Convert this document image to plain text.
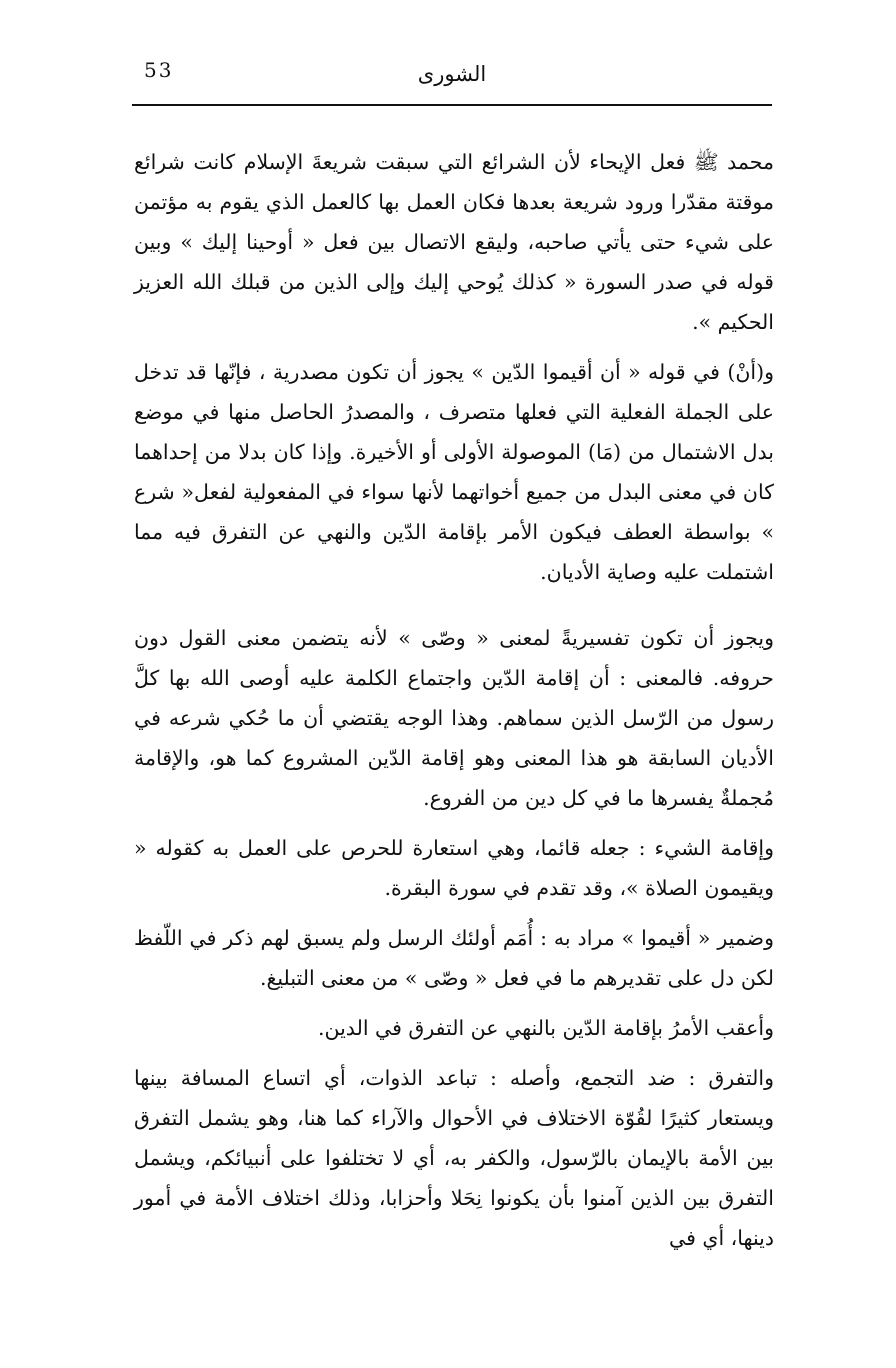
53	الشورى

محمد ﷺ فعل الإيحاء لأن الشرائع التي سبقت شريعةَ الإسلام كانت شرائع موقتة مقدّرا ورود شريعة بعدها فكان العمل بها كالعمل الذي يقوم به مؤتمن على شيء حتى يأتي صاحبه، وليقع الاتصال بين فعل « أوحينا إليك » وبين قوله في صدر السورة « كذلك يُوحي إليك وإلى الذين من قبلك الله العزيز الحكيم ».

و(أنْ) في قوله « أن أقيموا الدّين » يجوز أن تكون مصدرية ، فإنّها قد تدخل على الجملة الفعلية التي فعلها متصرف ، والمصدرُ الحاصل منها في موضع بدل الاشتمال من (مَا) الموصولة الأولى أو الأخيرة. وإذا كان بدلا من إحداهما كان في معنى البدل من جميع أخواتهما لأنها سواء في المفعولية لفعل« شرع » بواسطة العطف فيكون الأمر بإقامة الدّين والنهي عن التفرق فيه مما اشتملت عليه وصاية الأديان.

ويجوز أن تكون تفسيريةً لمعنى « وصّى » لأنه يتضمن معنى القول دون حروفه. فالمعنى : أن إقامة الدّين واجتماع الكلمة عليه أوصى الله بها كلَّ رسول من الرّسل الذين سماهم. وهذا الوجه يقتضي أن ما حُكي شرعه في الأديان السابقة هو هذا المعنى وهو إقامة الدّين المشروع كما هو، والإقامة مُجملةٌ يفسرها ما في كل دين من الفروع.

وإقامة الشيء : جعله قائما، وهي استعارة للحرص على العمل به كقوله « ويقيمون الصلاة »، وقد تقدم في سورة البقرة.

وضمير « أقيموا » مراد به : أُمَم أولئك الرسل ولم يسبق لهم ذكر في اللّفظ لكن دل على تقديرهم ما في فعل « وصّى » من معنى التبليغ.

وأعقب الأمرُ بإقامة الدّين بالنهي عن التفرق في الدين.

والتفرق : ضد التجمع، وأصله : تباعد الذوات، أي اتساع المسافة بينها ويستعار كثيرًا لقُوّة الاختلاف في الأحوال والآراء كما هنا، وهو يشمل التفرق بين الأمة بالإيمان بالرّسول، والكفر به، أي لا تختلفوا على أنبيائكم، ويشمل التفرق بين الذين آمنوا بأن يكونوا نِحَلا وأحزابا، وذلك اختلاف الأمة في أمور دينها، أي في
